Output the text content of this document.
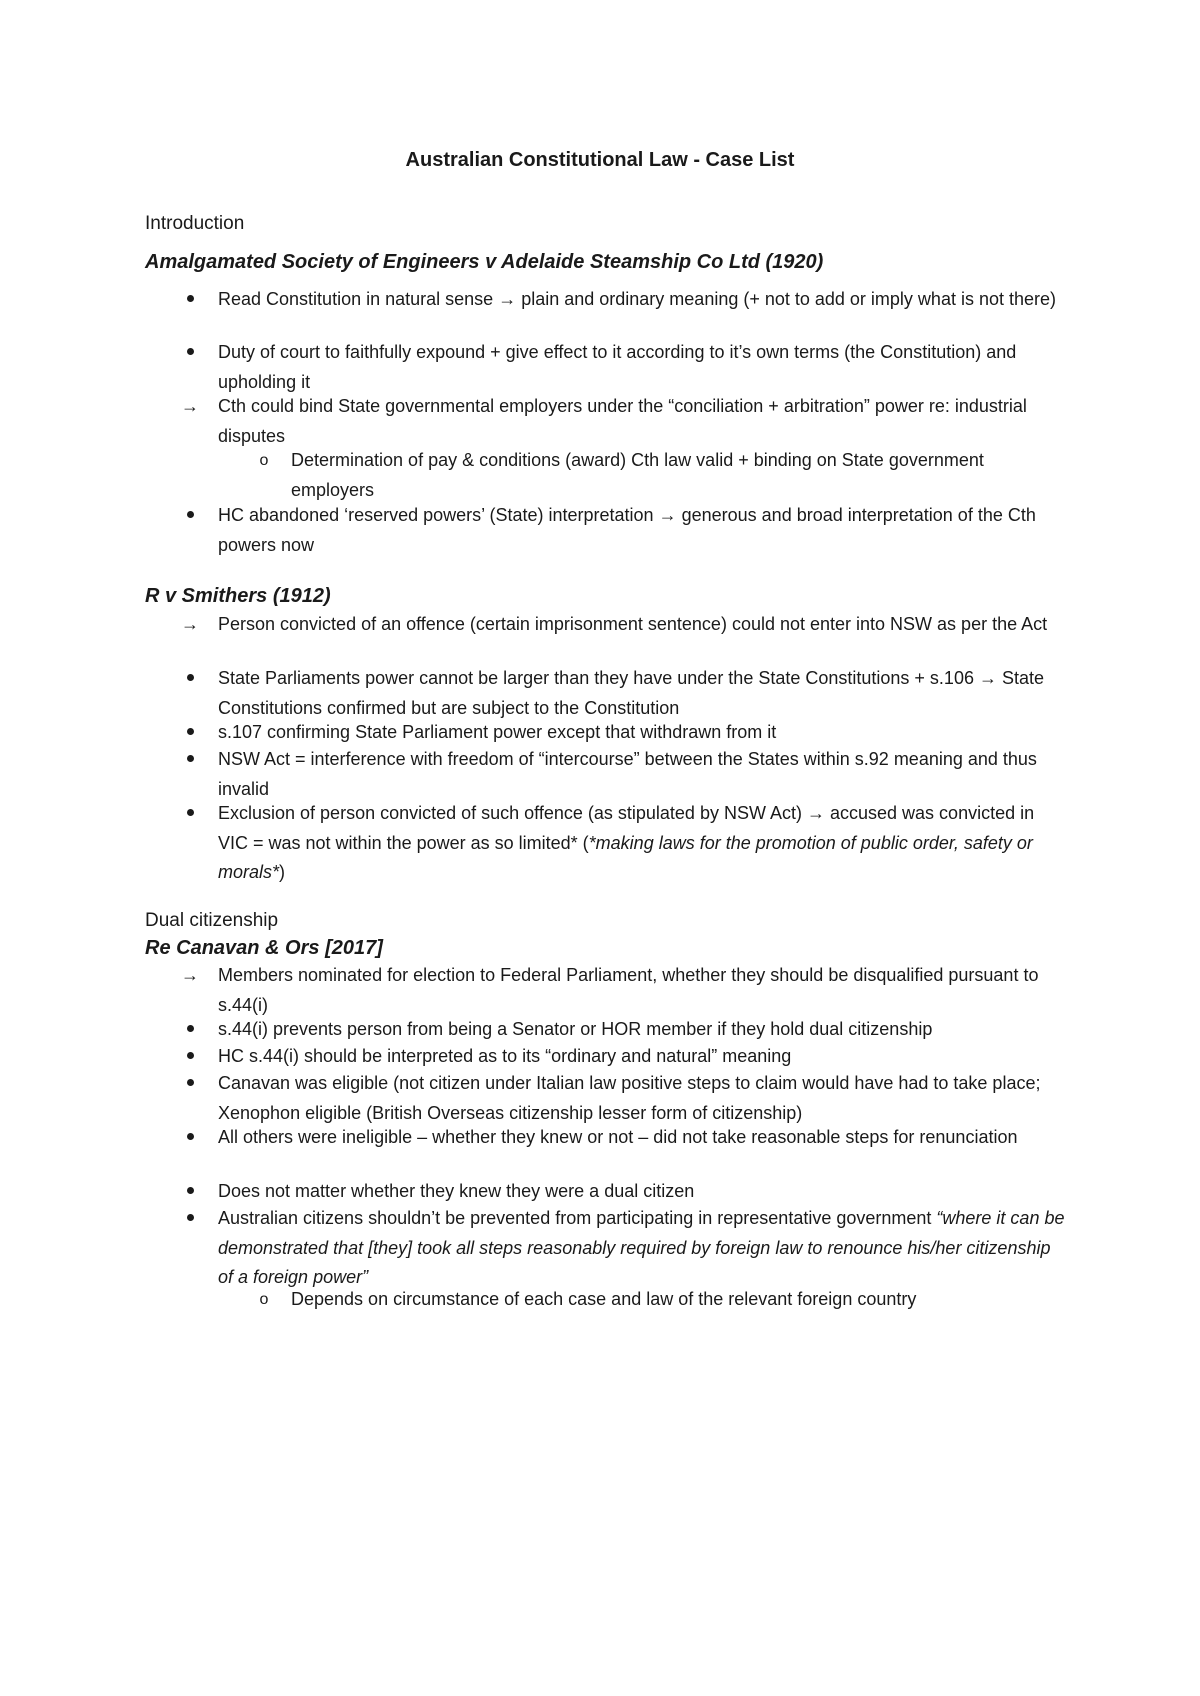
Australian Constitutional Law - Case List
Introduction
Amalgamated Society of Engineers v Adelaide Steamship Co Ltd (1920)
Read Constitution in natural sense → plain and ordinary meaning (+ not to add or imply what is not there)
Duty of court to faithfully expound + give effect to it according to it’s own terms (the Constitution) and upholding it
→ Cth could bind State governmental employers under the “conciliation + arbitration” power re: industrial disputes
o	Determination of pay & conditions (award) Cth law valid + binding on State government employers
HC abandoned ‘reserved powers’ (State) interpretation → generous and broad interpretation of the Cth powers now
R v Smithers (1912)
→ Person convicted of an offence (certain imprisonment sentence) could not enter into NSW as per the Act
State Parliaments power cannot be larger than they have under the State Constitutions + s.106 → State Constitutions confirmed but are subject to the Constitution
s.107 confirming State Parliament power except that withdrawn from it
NSW Act = interference with freedom of “intercourse” between the States within s.92 meaning and thus invalid
Exclusion of person convicted of such offence (as stipulated by NSW Act) → accused was convicted in VIC = was not within the power as so limited* (*making laws for the promotion of public order, safety or morals*)
Dual citizenship
Re Canavan & Ors [2017]
→ Members nominated for election to Federal Parliament, whether they should be disqualified pursuant to s.44(i)
s.44(i) prevents person from being a Senator or HOR member if they hold dual citizenship
HC s.44(i) should be interpreted as to its “ordinary and natural” meaning
Canavan was eligible (not citizen under Italian law positive steps to claim would have had to take place; Xenophon eligible (British Overseas citizenship lesser form of citizenship)
All others were ineligible – whether they knew or not – did not take reasonable steps for renunciation
Does not matter whether they knew they were a dual citizen
Australian citizens shouldn’t be prevented from participating in representative government “where it can be demonstrated that [they] took all steps reasonably required by foreign law to renounce his/her citizenship of a foreign power”
o	Depends on circumstance of each case and law of the relevant foreign country
